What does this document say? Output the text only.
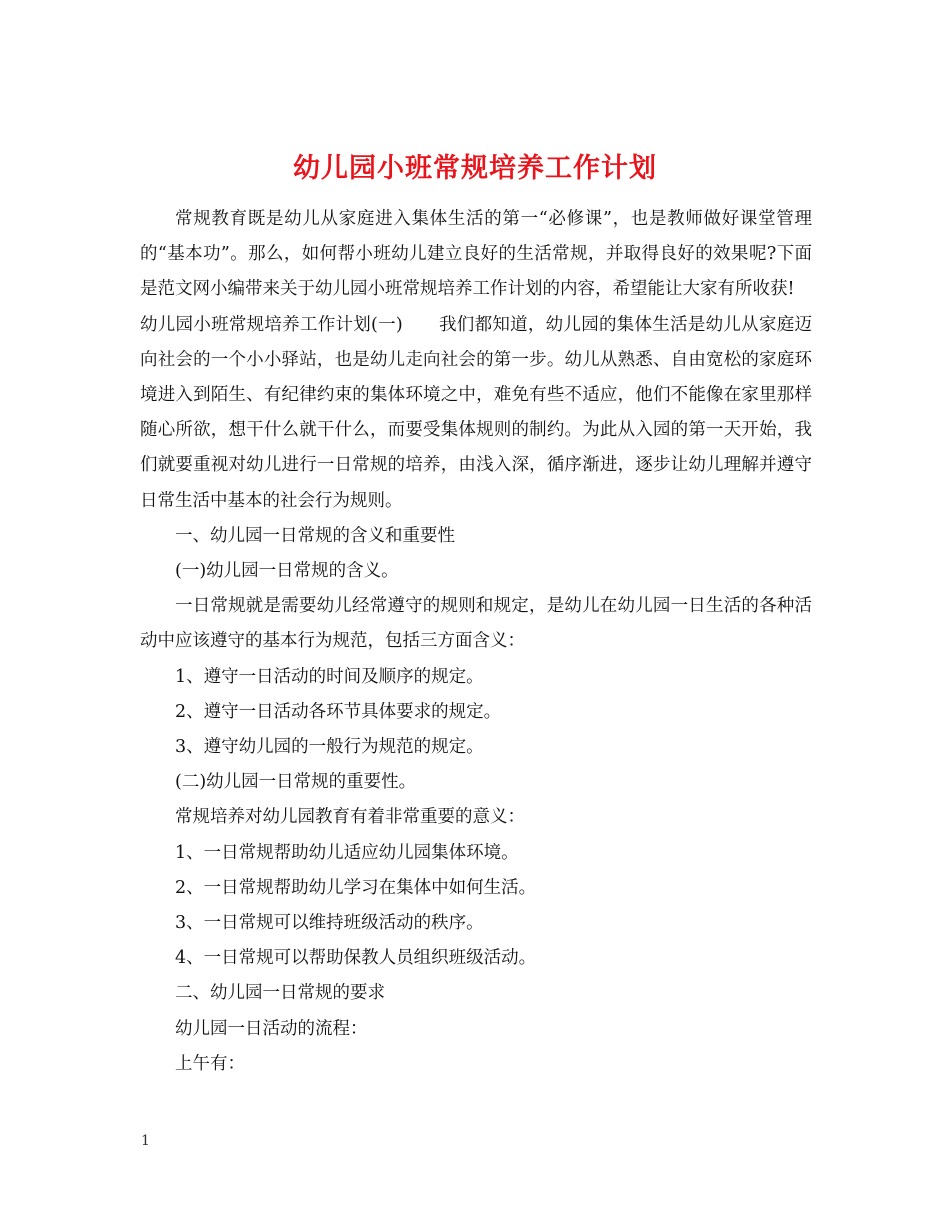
幼儿园小班常规培养工作计划

常规教育既是幼儿从家庭进入集体生活的第一“必修课”，也是教师做好课堂管理的“基本功”。那么，如何帮小班幼儿建立良好的生活常规，并取得良好的效果呢?下面是范文网小编带来关于幼儿园小班常规培养工作计划的内容，希望能让大家有所收获!

幼儿园小班常规培养工作计划(一) 我们都知道，幼儿园的集体生活是幼儿从家庭迈向社会的一个小小驿站，也是幼儿走向社会的第一步。幼儿从熟悉、自由宽松的家庭环境进入到陌生、有纪律约束的集体环境之中，难免有些不适应，他们不能像在家里那样随心所欲，想干什么就干什么，而要受集体规则的制约。为此从入园的第一天开始，我们就要重视对幼儿进行一日常规的培养，由浅入深，循序渐进，逐步让幼儿理解并遵守日常生活中基本的社会行为规则。

一、幼儿园一日常规的含义和重要性

(一)幼儿园一日常规的含义。

一日常规就是需要幼儿经常遵守的规则和规定，是幼儿在幼儿园一日生活的各种活动中应该遵守的基本行为规范，包括三方面含义：

1、遵守一日活动的时间及顺序的规定。

2、遵守一日活动各环节具体要求的规定。

3、遵守幼儿园的一般行为规范的规定。

(二)幼儿园一日常规的重要性。

常规培养对幼儿园教育有着非常重要的意义：

1、一日常规帮助幼儿适应幼儿园集体环境。

2、一日常规帮助幼儿学习在集体中如何生活。

3、一日常规可以维持班级活动的秩序。

4、一日常规可以帮助保教人员组织班级活动。

二、幼儿园一日常规的要求

幼儿园一日活动的流程：

上午有：

1
